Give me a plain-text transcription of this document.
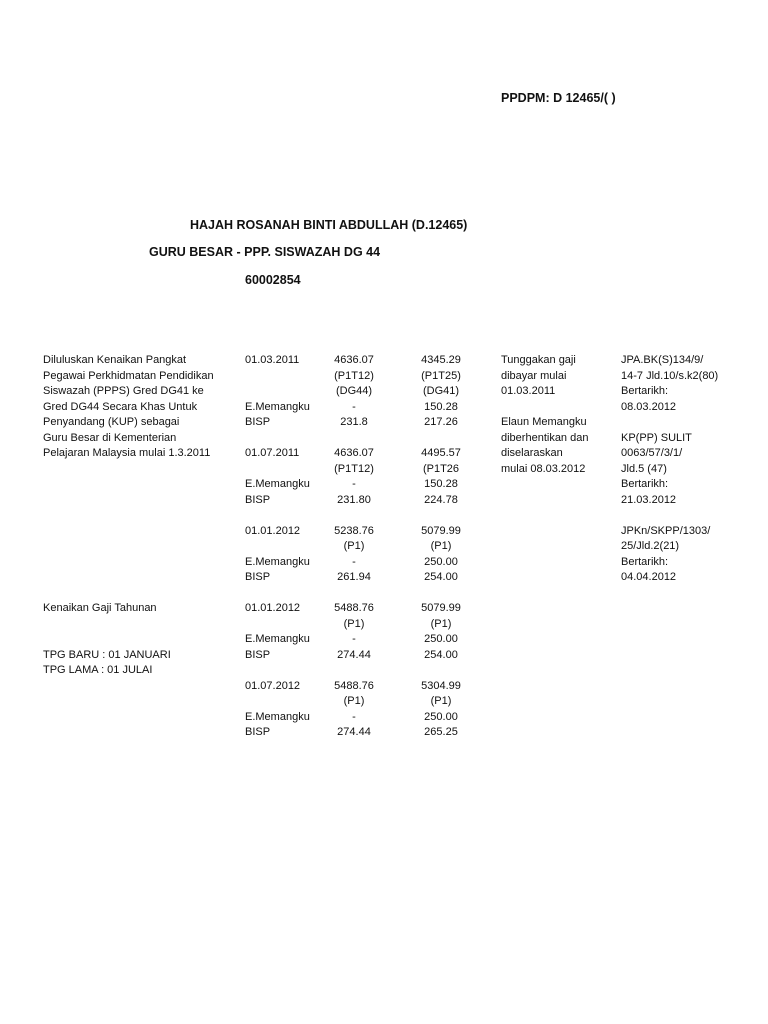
PPDPM: D 12465/( )
HAJAH ROSANAH BINTI ABDULLAH (D.12465)
GURU BESAR - PPP. SISWAZAH DG 44
60002854
Diluluskan Kenaikan Pangkat
Pegawai Perkhidmatan Pendidikan
Siswazah (PPPS) Gred DG41 ke
Gred DG44 Secara Khas Untuk
Penyandang (KUP) sebagai
Guru Besar di Kementerian
Pelajaran Malaysia mulai 1.3.2011
01.03.2011
E.Memangku
BISP
01.07.2011
E.Memangku
BISP
01.01.2012
E.Memangku
BISP
01.01.2012
E.Memangku
BISP
01.07.2012
E.Memangku
BISP
4636.07
(P1T12)
(DG44)
-
231.8
4636.07
(P1T12)
-
231.80
5238.76
(P1)
-
261.94
5488.76
(P1)
-
274.44
5488.76
(P1)
-
274.44
4345.29
(P1T25)
(DG41)
150.28
217.26
4495.57
(P1T26
150.28
224.78
5079.99
(P1)
250.00
254.00
5079.99
(P1)
250.00
254.00
5304.99
(P1)
250.00
265.25
Tunggakan gaji
dibayar mulai
01.03.2011
Elaun Memangku
diberhentikan dan
diselaraskan
mulai 08.03.2012
JPA.BK(S)134/9/
14-7 Jld.10/s.k2(80)
Bertarikh:
08.03.2012
KP(PP) SULIT
0063/57/3/1/
Jld.5 (47)
Bertarikh:
21.03.2012
JPKn/SKPP/1303/
25/Jld.2(21)
Bertarikh:
04.04.2012
Kenaikan Gaji Tahunan
TPG BARU : 01 JANUARI
TPG LAMA : 01 JULAI
